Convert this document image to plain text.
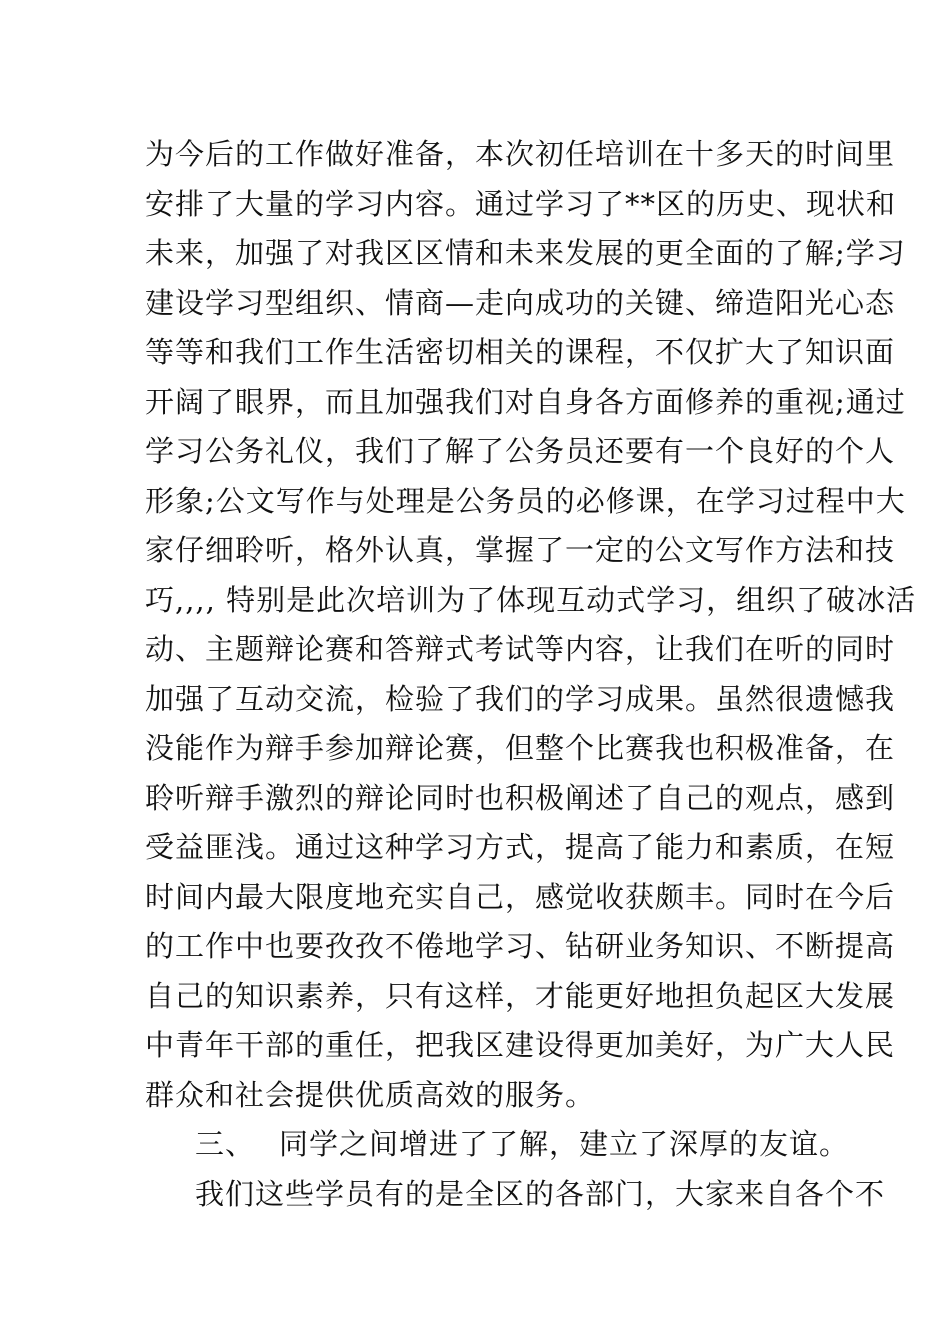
为今后的工作做好准备，本次初任培训在十多天的时间里
安排了大量的学习内容。通过学习了**区的历史、现状和
未来，加强了对我区区情和未来发展的更全面的了解;学习
建设学习型组织、情商—走向成功的关键、缔造阳光心态
等等和我们工作生活密切相关的课程，不仅扩大了知识面
开阔了眼界，而且加强我们对自身各方面修养的重视;通过
学习公务礼仪，我们了解了公务员还要有一个良好的个人
形象;公文写作与处理是公务员的必修课，在学习过程中大
家仔细聆听，格外认真，掌握了一定的公文写作方法和技
巧,,,, 特别是此次培训为了体现互动式学习，组织了破冰活
动、主题辩论赛和答辩式考试等内容，让我们在听的同时
加强了互动交流，检验了我们的学习成果。虽然很遗憾我
没能作为辩手参加辩论赛，但整个比赛我也积极准备，在
聆听辩手激烈的辩论同时也积极阐述了自己的观点，感到
受益匪浅。通过这种学习方式，提高了能力和素质，在短
时间内最大限度地充实自己，感觉收获颇丰。同时在今后
的工作中也要孜孜不倦地学习、钻研业务知识、不断提高
自己的知识素养，只有这样，才能更好地担负起区大发展
中青年干部的重任，把我区建设得更加美好，为广大人民
群众和社会提供优质高效的服务。
三、 同学之间增进了了解，建立了深厚的友谊。
我们这些学员有的是全区的各部门，大家来自各个不
